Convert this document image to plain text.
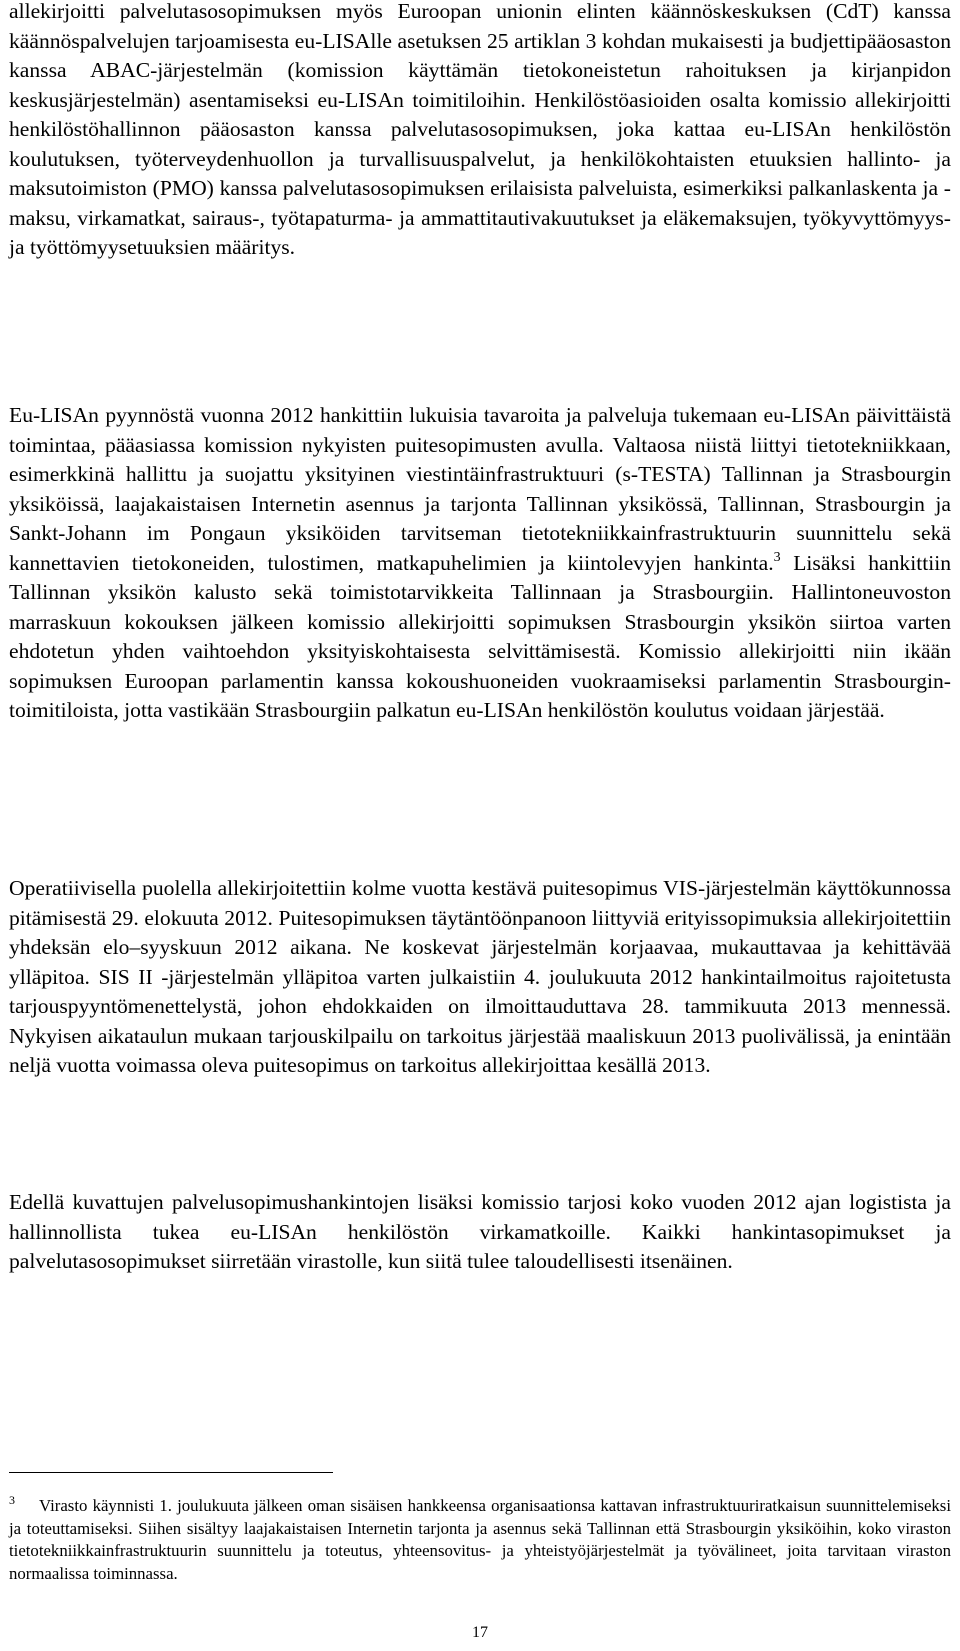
allekirjoitti palvelutasosopimuksen myös Euroopan unionin elinten käännöskeskuksen (CdT) kanssa käännöspalvelujen tarjoamisesta eu-LISAlle asetuksen 25 artiklan 3 kohdan mukaisesti ja budjettipääosaston kanssa ABAC-järjestelmän (komission käyttämän tietokoneistetun rahoituksen ja kirjanpidon keskusjärjestelmän) asentamiseksi eu-LISAn toimitiloihin. Henkilöstöasioiden osalta komissio allekirjoitti henkilöstöhallinnon pääosaston kanssa palvelutasosopimuksen, joka kattaa eu-LISAn henkilöstön koulutuksen, työterveydenhuollon ja turvallisuuspalvelut, ja henkilökohtaisten etuuksien hallinto- ja maksutoimiston (PMO) kanssa palvelutasosopimuksen erilaisista palveluista, esimerkiksi palkanlaskenta ja -maksu, virkamatkat, sairaus-, työtapaturma- ja ammattitautivakuutukset ja eläkemaksujen, työkyvyttömyys- ja työttömyysetuuksien määritys.

Eu-LISAn pyynnöstä vuonna 2012 hankittiin lukuisia tavaroita ja palveluja tukemaan eu-LISAn päivittäistä toimintaa, pääasiassa komission nykyisten puitesopimusten avulla. Valtaosa niistä liittyi tietotekniikkaan, esimerkkinä hallittu ja suojattu yksityinen viestintäinfrastruktuuri (s-TESTA) Tallinnan ja Strasbourgin yksiköissä, laajakaistaisen Internetin asennus ja tarjonta Tallinnan yksikössä, Tallinnan, Strasbourgin ja Sankt-Johann im Pongaun yksiköiden tarvitseman tietotekniikkainfrastruktuurin suunnittelu sekä kannettavien tietokoneiden, tulostimen, matkapuhelimien ja kiintolevyjen hankinta.$^3$ Lisäksi hankittiin Tallinnan yksikön kalusto sekä toimistotarvikkeita Tallinnaan ja Strasbourgiin. Hallintoneuvoston marraskuun kokouksen jälkeen komissio allekirjoitti sopimuksen Strasbourgin yksikön siirtoa varten ehdotetun yhden vaihtoehdon yksityiskohtaisesta selvittämisestä. Komissio allekirjoitti niin ikään sopimuksen Euroopan parlamentin kanssa kokoushuoneiden vuokraamiseksi parlamentin Strasbourgin-toimitiloista, jotta vastikään Strasbourgiin palkatun eu-LISAn henkilöstön koulutus voidaan järjestää.

Operatiivisella puolella allekirjoitettiin kolme vuotta kestävä puitesopimus VIS-järjestelmän käyttökunnossa pitämisestä 29. elokuuta 2012. Puitesopimuksen täytäntöönpanoon liittyviä erityissopimuksia allekirjoitettiin yhdeksän elo–syyskuun 2012 aikana. Ne koskevat järjestelmän korjaavaa, mukauttavaa ja kehittävää ylläpitoa. SIS II -järjestelmän ylläpitoa varten julkaistiin 4. joulukuuta 2012 hankintailmoitus rajoitetusta tarjouspyyntömenettelystä, johon ehdokkaiden on ilmoittauduttava 28. tammikuuta 2013 mennessä. Nykyisen aikataulun mukaan tarjouskilpailu on tarkoitus järjestää maaliskuun 2013 puolivälissä, ja enintään neljä vuotta voimassa oleva puitesopimus on tarkoitus allekirjoittaa kesällä 2013.

Edellä kuvattujen palvelusopimushankintojen lisäksi komissio tarjosi koko vuoden 2012 ajan logistista ja hallinnollista tukea eu-LISAn henkilöstön virkamatkoille. Kaikki hankintasopimukset ja palvelutasosopimukset siirretään virastolle, kun siitä tulee taloudellisesti itsenäinen.

$^3$ Virasto käynnisti 1. joulukuuta jälkeen oman sisäisen hankkeensa organisaationsa kattavan infrastruktuuriratkaisun suunnittelemiseksi ja toteuttamiseksi. Siihen sisältyy laajakaistaisen Internetin tarjonta ja asennus sekä Tallinnan että Strasbourgin yksiköihin, koko viraston tietotekniikkainfrastruktuurin suunnittelu ja toteutus, yhteensovitus- ja yhteistyöjärjestelmät ja työvälineet, joita tarvitaan viraston normaalissa toiminnassa.

17
